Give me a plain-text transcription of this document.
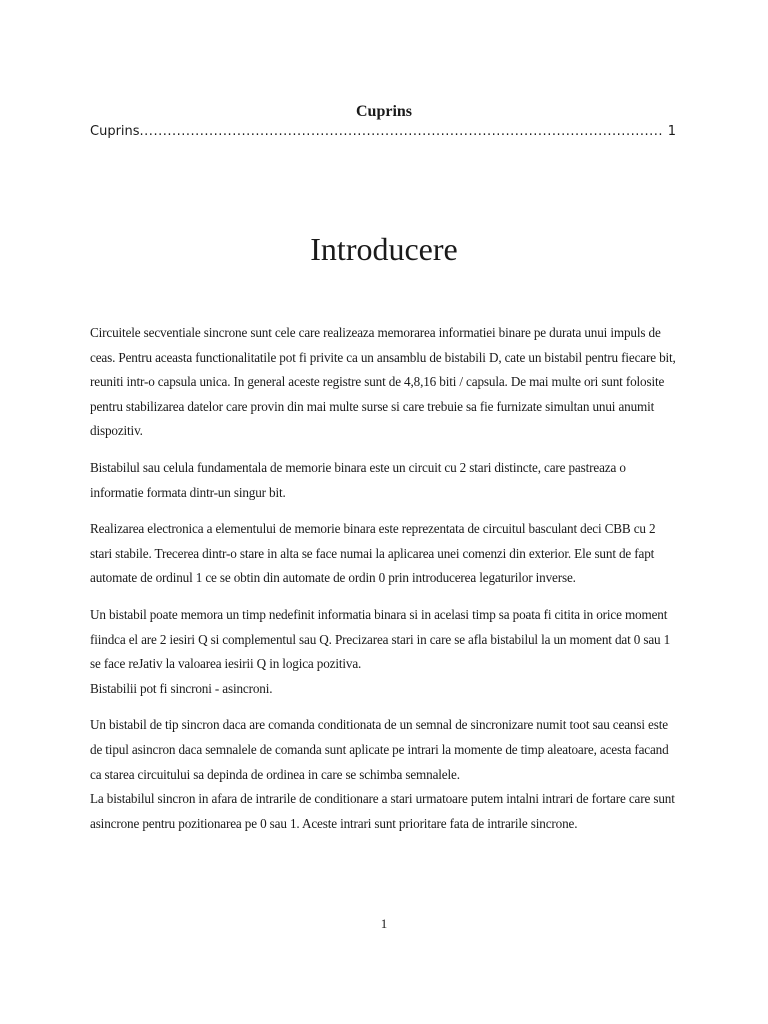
Cuprins
Cuprins
.....	1
Introducere

Circuitele secventiale sincrone sunt cele care realizeaza memorarea informatiei binare pe durata unui impuls de ceas. Pentru aceasta functionalitatile pot fi privite ca un ansamblu de bistabili D, cate un bistabil pentru fiecare bit, reuniti intr-o capsula unica. In general aceste registre sunt de 4,8,16 biti / capsula. De mai multe ori sunt folosite pentru stabilizarea datelor care provin din mai multe surse si care trebuie sa fie furnizate simultan unui anumit dispozitiv.

Bistabilul sau celula fundamentala de memorie binara este un circuit cu 2 stari distincte, care pastreaza o informatie formata dintr-un singur bit.

Realizarea electronica a elementului de memorie binara este reprezentata de circuitul basculant deci CBB cu 2 stari stabile. Trecerea dintr-o stare in alta se face numai la aplicarea unei comenzi din exterior. Ele sunt de fapt automate de ordinul 1 ce se obtin din automate de ordin 0 prin introducerea legaturilor inverse.

Un bistabil poate memora un timp nedefinit informatia binara si in acelasi timp sa poata fi citita in orice moment fiindca el are 2 iesiri Q si complementul sau Q. Precizarea stari in care se afla bistabilul la un moment dat 0 sau 1 se face reJativ la valoarea iesirii Q in logica pozitiva.

Bistabilii pot fi sincroni - asincroni.

Un bistabil de tip sincron daca are comanda conditionata de un semnal de sincronizare numit toot sau ceansi este de tipul asincron daca semnalele de comanda sunt aplicate pe intrari la momente de timp aleatoare, acesta facand ca starea circuitului sa depinda de ordinea in care se schimba semnalele.

La bistabilul sincron in afara de intrarile de conditionare a stari urmatoare putem intalni intrari de fortare care sunt asincrone pentru pozitionarea pe 0 sau 1. Aceste intrari sunt prioritare fata de intrarile sincrone.

1
